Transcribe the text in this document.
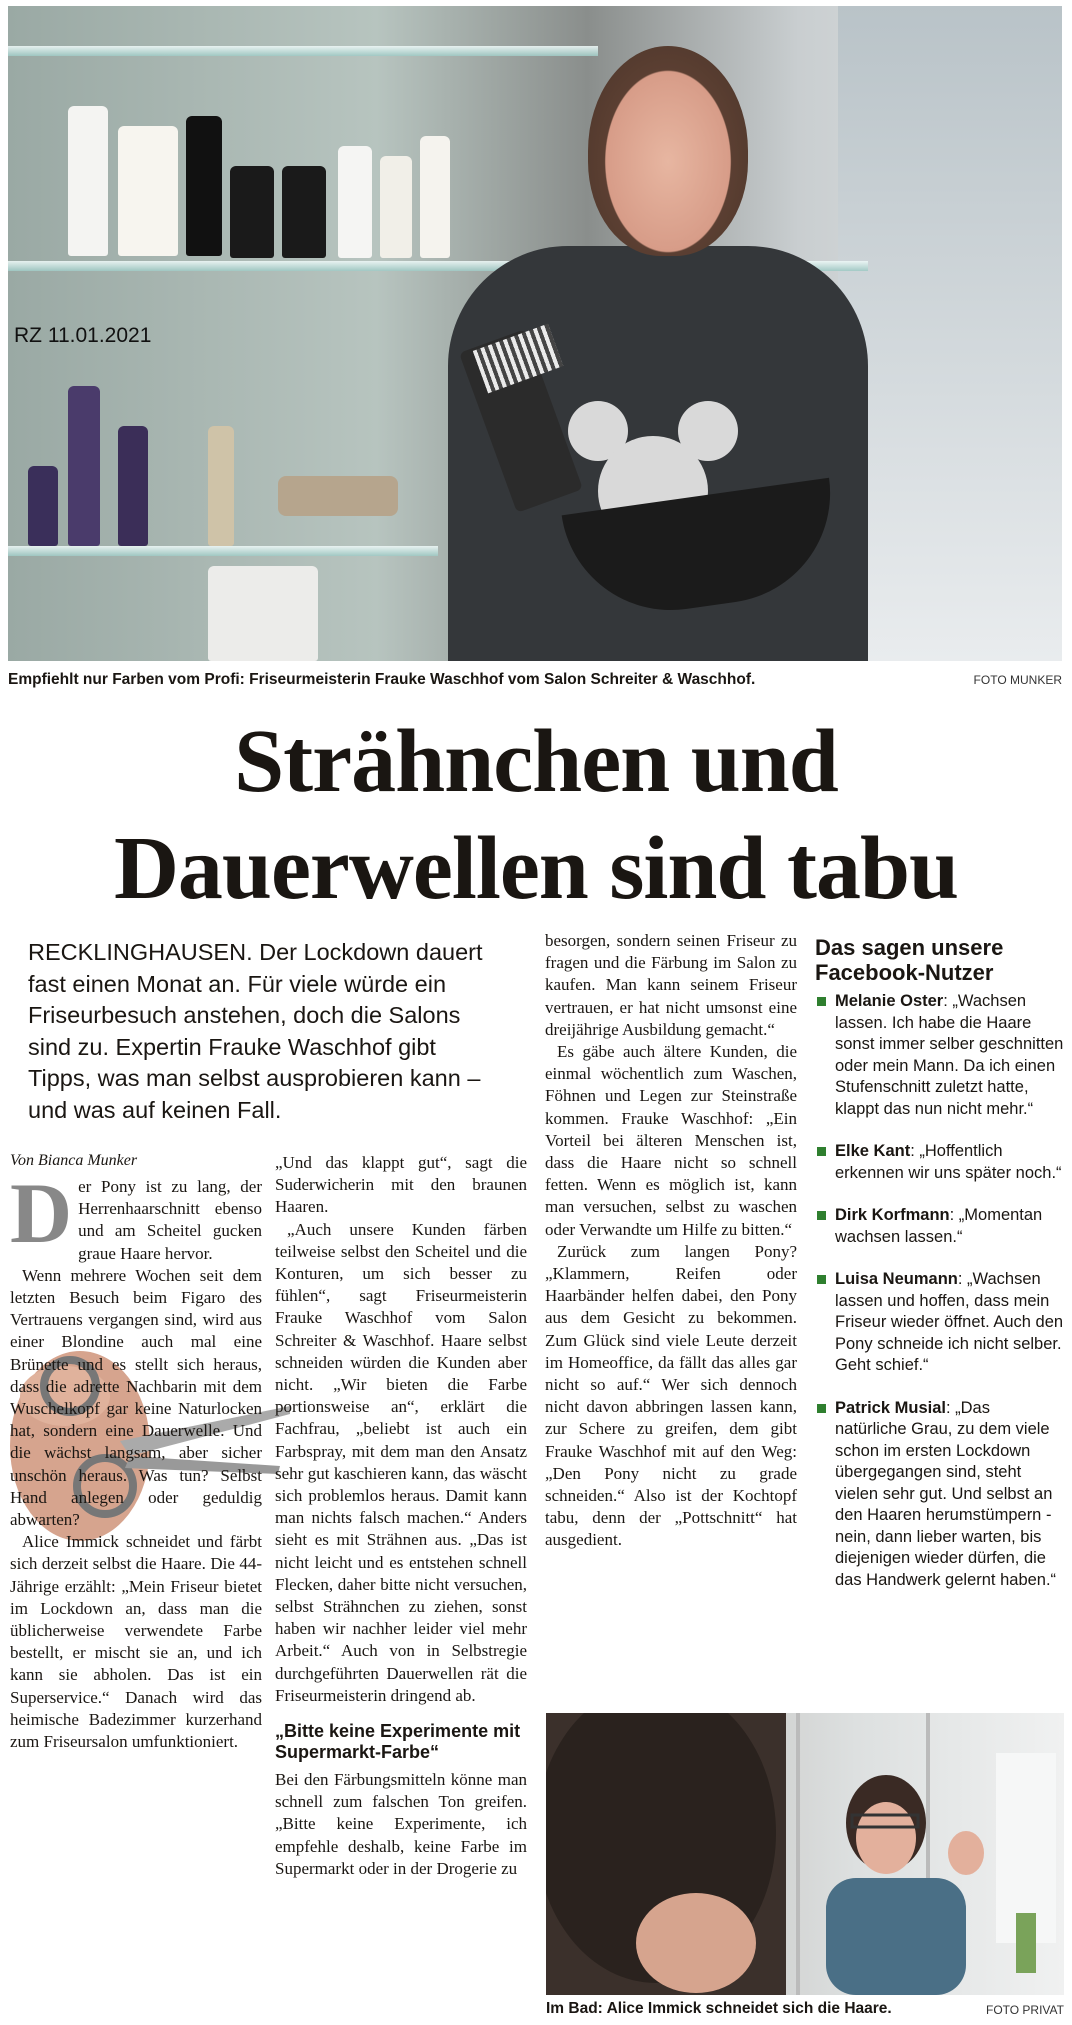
RZ 11.01.2021
Empfiehlt nur Farben vom Profi: Friseurmeisterin Frauke Waschhof vom Salon Schreiter & Waschhof.	FOTO MUNKER
Strähnchen und
Dauerwellen sind tabu
RECKLINGHAUSEN. Der Lockdown dauert fast einen Monat an. Für viele würde ein Friseurbesuch anstehen, doch die Salons sind zu. Expertin Frauke Waschhof gibt Tipps, was man selbst ausprobieren kann – und was auf keinen Fall.
Von Bianca Munker

Der Pony ist zu lang, der Herrenhaarschnitt ebenso und am Scheitel gucken graue Haare hervor.

Wenn mehrere Wochen seit dem letzten Besuch beim Figaro des Vertrauens vergangen sind, wird aus einer Blondine auch mal eine Brünette und es stellt sich heraus, dass die adrette Nachbarin mit dem Wuschelkopf gar keine Naturlocken hat, sondern eine Dauerwelle. Und die wächst langsam, aber sicher unschön heraus. Was tun? Selbst Hand anlegen oder geduldig abwarten?

Alice Immick schneidet und färbt sich derzeit selbst die Haare. Die 44-Jährige erzählt: „Mein Friseur bietet im Lockdown an, dass man die üblicherweise verwendete Farbe bestellt, er mischt sie an, und ich kann sie abholen. Das ist ein Superservice.“ Danach wird das heimische Badezimmer kurzerhand zum Friseursalon umfunktioniert.

„Und das klappt gut“, sagt die Suderwicherin mit den braunen Haaren.

„Auch unsere Kunden färben teilweise selbst den Scheitel und die Konturen, um sich besser zu fühlen“, sagt Friseurmeisterin Frauke Waschhof vom Salon Schreiter & Waschhof. Haare selbst schneiden würden die Kunden aber nicht. „Wir bieten die Farbe portionsweise an“, erklärt die Fachfrau, „beliebt ist auch ein Farbspray, mit dem man den Ansatz sehr gut kaschieren kann, das wäscht sich problemlos heraus. Damit kann man nichts falsch machen.“ Anders sieht es mit Strähnen aus. „Das ist nicht leicht und es entstehen schnell Flecken, daher bitte nicht versuchen, selbst Strähnchen zu ziehen, sonst haben wir nachher leider viel mehr Arbeit.“ Auch von in Selbstregie durchgeführten Dauerwellen rät die Friseurmeisterin dringend ab.

„Bitte keine Experimente mit Supermarkt-Farbe“

Bei den Färbungsmitteln könne man schnell zum falschen Ton greifen. „Bitte keine Experimente, ich empfehle deshalb, keine Farbe im Supermarkt oder in der Drogerie zu

besorgen, sondern seinen Friseur zu fragen und die Färbung im Salon zu kaufen. Man kann seinem Friseur vertrauen, er hat nicht umsonst eine dreijährige Ausbildung gemacht.“

Es gäbe auch ältere Kunden, die einmal wöchentlich zum Waschen, Föhnen und Legen zur Steinstraße kommen. Frauke Waschhof: „Ein Vorteil bei älteren Menschen ist, dass die Haare nicht so schnell fetten. Wenn es möglich ist, kann man versuchen, selbst zu waschen oder Verwandte um Hilfe zu bitten.“

Zurück zum langen Pony? „Klammern, Reifen oder Haarbänder helfen dabei, den Pony aus dem Gesicht zu bekommen. Zum Glück sind viele Leute derzeit im Homeoffice, da fällt das alles gar nicht so auf.“ Wer sich dennoch nicht davon abbringen lassen kann, zur Schere zu greifen, dem gibt Frauke Waschhof mit auf den Weg: „Den Pony nicht zu grade schneiden.“ Also ist der Kochtopf tabu, denn der „Pottschnitt“ hat ausgedient.

Das sagen unsere Facebook-Nutzer
Melanie Oster: „Wachsen lassen. Ich habe die Haare sonst immer selber geschnitten oder mein Mann. Da ich einen Stufenschnitt zuletzt hatte, klappt das nun nicht mehr.“
Elke Kant: „Hoffentlich erkennen wir uns später noch.“
Dirk Korfmann: „Momentan wachsen lassen.“
Luisa Neumann: „Wachsen lassen und hoffen, dass mein Friseur wieder öffnet. Auch den Pony schneide ich nicht selber. Geht schief.“
Patrick Musial: „Das natürliche Grau, zu dem viele schon im ersten Lockdown übergegangen sind, steht vielen sehr gut. Und selbst an den Haaren herumstümpern - nein, dann lieber warten, bis diejenigen wieder dürfen, die das Handwerk gelernt haben.“
Im Bad: Alice Immick schneidet sich die Haare.	FOTO PRIVAT
